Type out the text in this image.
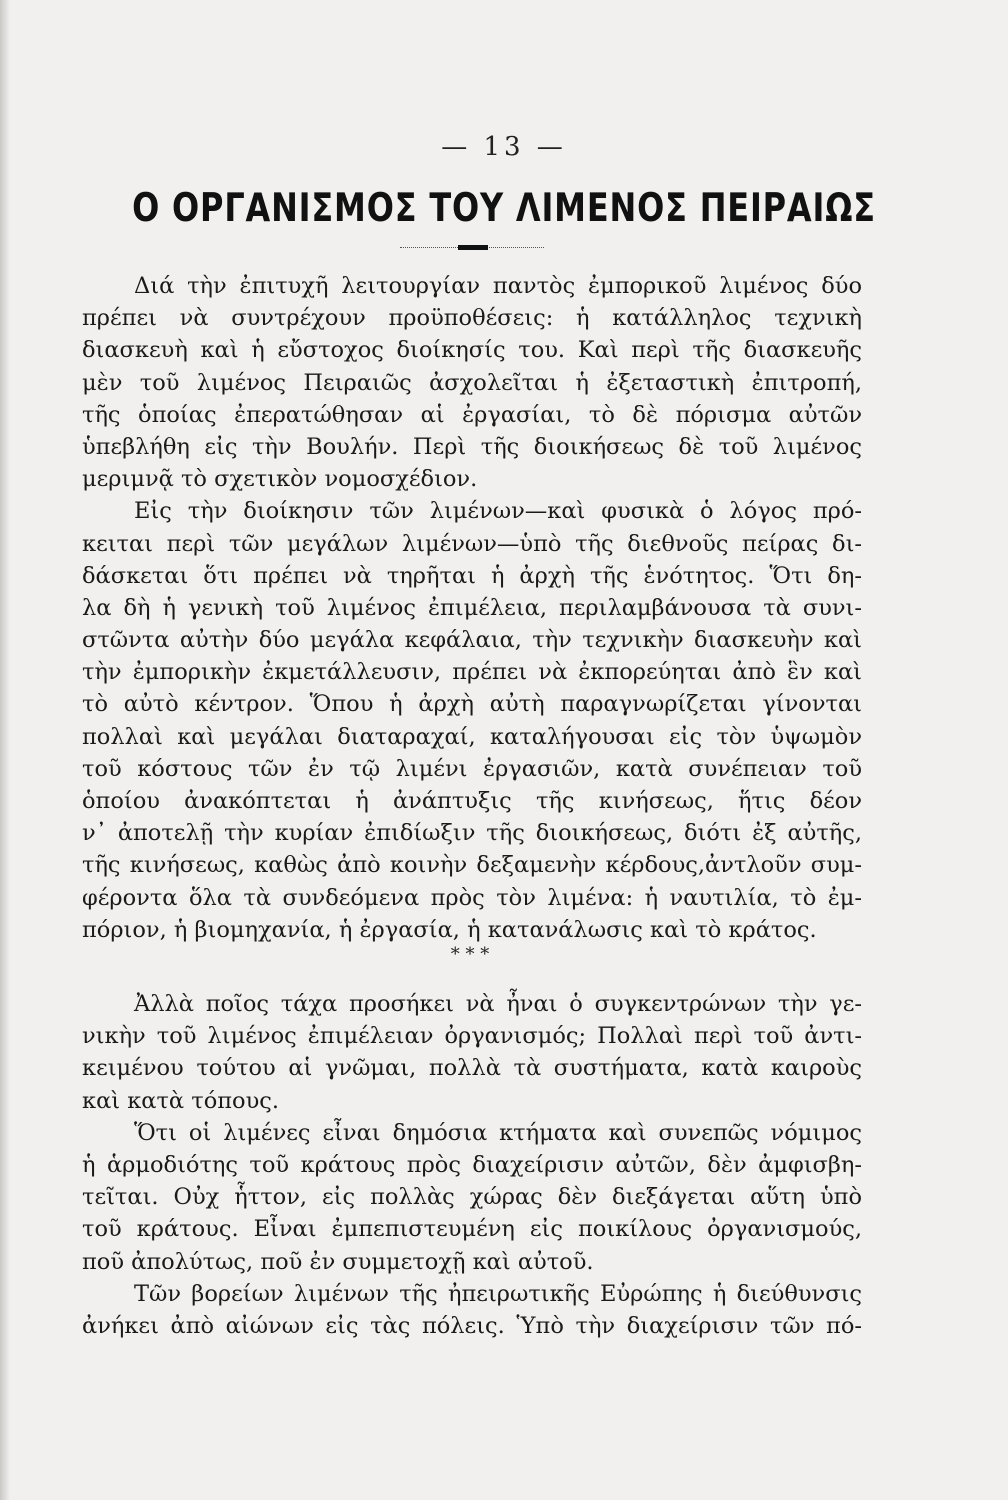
— 13 —
Ο ΟΡΓΑΝΙΣΜΟΣ ΤΟΥ ΛΙΜΕΝΟΣ ΠΕΙΡΑΙΩΣ
Διά τὴν ἐπιτυχῆ λειτουργίαν παντὸς ἐμπορικοῦ λιμένος δύο
πρέπει νὰ συντρέχουν προϋποθέσεις: ἡ κατάλληλος τεχνικὴ
διασκευὴ καὶ ἡ εὔστοχος διοίκησίς του. Καὶ περὶ τῆς διασκευῆς
μὲν τοῦ λιμένος Πειραιῶς ἀσχολεῖται ἡ ἐξεταστικὴ ἐπιτροπή,
τῆς ὁποίας ἐπερατώθησαν αἱ ἐργασίαι, τὸ δὲ πόρισμα αὐτῶν
ὑπεβλήθη εἰς τὴν Βουλήν. Περὶ τῆς διοικήσεως δὲ τοῦ λιμένος
μεριμνᾷ τὸ σχετικὸν νομοσχέδιον.
Εἰς τὴν διοίκησιν τῶν λιμένων—καὶ φυσικὰ ὁ λόγος πρό-
κειται περὶ τῶν μεγάλων λιμένων—ὑπὸ τῆς διεθνοῦς πείρας δι-
δάσκεται ὅτι πρέπει νὰ τηρῆται ἡ ἀρχὴ τῆς ἑνότητος. Ὅτι δη-
λα δὴ ἡ γενικὴ τοῦ λιμένος ἐπιμέλεια, περιλαμβάνουσα τὰ συνι-
στῶντα αὐτὴν δύο μεγάλα κεφάλαια, τὴν τεχνικὴν διασκευὴν καὶ
τὴν ἐμπορικὴν ἐκμετάλλευσιν, πρέπει νὰ ἐκπορεύηται ἀπὸ ἓν καὶ
τὸ αὐτὸ κέντρον. Ὅπου ἡ ἀρχὴ αὐτὴ παραγνωρίζεται γίνονται
πολλαὶ καὶ μεγάλαι διαταραχαί, καταλήγουσαι εἰς τὸν ὑψωμὸν
τοῦ κόστους τῶν ἐν τῷ λιμένι ἐργασιῶν, κατὰ συνέπειαν τοῦ
ὁποίου ἀνακόπτεται ἡ ἀνάπτυξις τῆς κινήσεως, ἥτις δέον
ν᾽ ἀποτελῇ τὴν κυρίαν ἐπιδίωξιν τῆς διοικήσεως, διότι ἐξ αὐτῆς,
τῆς κινήσεως, καθὼς ἀπὸ κοινὴν δεξαμενὴν κέρδους,ἀντλοῦν συμ-
φέροντα ὅλα τὰ συνδεόμενα πρὸς τὸν λιμένα: ἡ ναυτιλία, τὸ ἐμ-
πόριον, ἡ βιομηχανία, ἡ ἐργασία, ἡ κατανάλωσις καὶ τὸ κράτος.
* * *
Ἀλλὰ ποῖος τάχα προσήκει νὰ ἦναι ὁ συγκεντρώνων τὴν γε-
νικὴν τοῦ λιμένος ἐπιμέλειαν ὀργανισμός; Πολλαὶ περὶ τοῦ ἀντι-
κειμένου τούτου αἱ γνῶμαι, πολλὰ τὰ συστήματα, κατὰ καιροὺς
καὶ κατὰ τόπους.
Ὅτι οἱ λιμένες εἶναι δημόσια κτήματα καὶ συνεπῶς νόμιμος
ἡ ἁρμοδιότης τοῦ κράτους πρὸς διαχείρισιν αὐτῶν, δὲν ἀμφισβη-
τεῖται. Οὐχ ἧττον, εἰς πολλὰς χώρας δὲν διεξάγεται αὕτη ὑπὸ
τοῦ κράτους. Εἶναι ἐμπεπιστευμένη εἰς ποικίλους ὀργανισμούς,
ποῦ ἀπολύτως, ποῦ ἐν συμμετοχῇ καὶ αὐτοῦ.
Τῶν βορείων λιμένων τῆς ἠπειρωτικῆς Εὐρώπης ἡ διεύθυνσις
ἀνήκει ἀπὸ αἰώνων εἰς τὰς πόλεις. Ὑπὸ τὴν διαχείρισιν τῶν πό-
